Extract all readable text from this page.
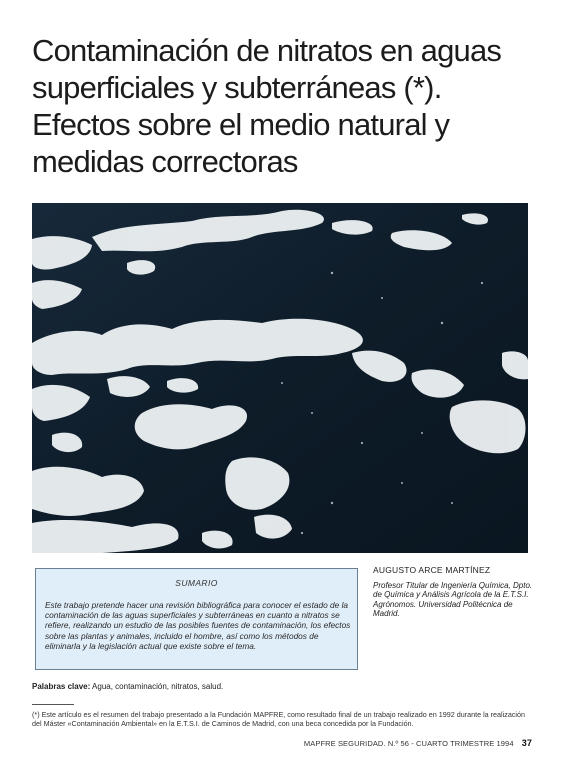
Contaminación de nitratos en aguas superficiales y subterráneas (*). Efectos sobre el medio natural y medidas correctoras
AUGUSTO ARCE MARTÍNEZ
Profesor Titular de Ingeniería Química, Dpto. de Química y Análisis Agrícola de la E.T.S.I. Agrónomos. Universidad Politécnica de Madrid.
SUMARIO
Este trabajo pretende hacer una revisión bibliográfica para conocer el estado de la contaminación de las aguas superficiales y subterráneas en cuanto a nitratos se refiere, realizando un estudio de las posibles fuentes de contaminación, los efectos sobre las plantas y animales, incluido el hombre, así como los métodos de eliminarla y la legislación actual que existe sobre el tema.
Palabras clave: Agua, contaminación, nitratos, salud.
(*) Este artículo es el resumen del trabajo presentado a la Fundación MAPFRE, como resultado final de un trabajo realizado en 1992 durante la realización del Máster «Contaminación Ambiental» en la E.T.S.I. de Caminos de Madrid, con una beca concedida por la Fundación.
MAPFRE SEGURIDAD. N.º 56 - CUARTO TRIMESTRE 1994 37
